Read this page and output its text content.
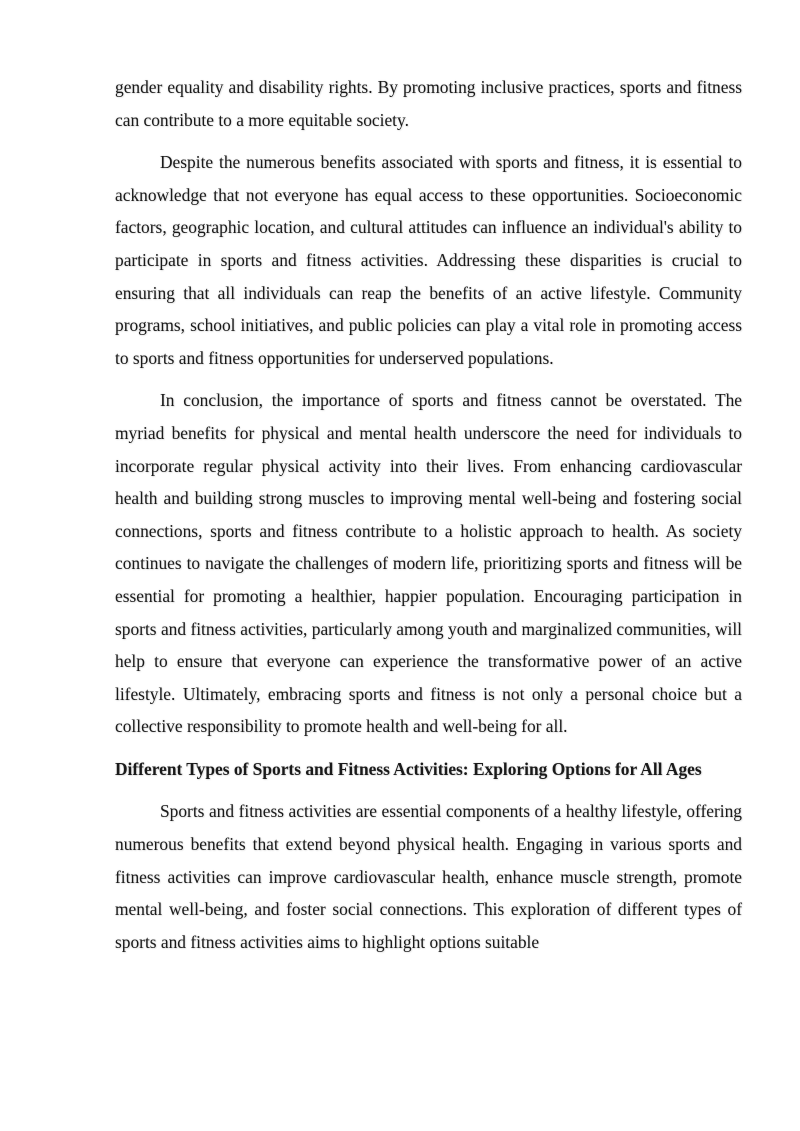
gender equality and disability rights. By promoting inclusive practices, sports and fitness can contribute to a more equitable society.

Despite the numerous benefits associated with sports and fitness, it is essential to acknowledge that not everyone has equal access to these opportunities. Socioeconomic factors, geographic location, and cultural attitudes can influence an individual's ability to participate in sports and fitness activities. Addressing these disparities is crucial to ensuring that all individuals can reap the benefits of an active lifestyle. Community programs, school initiatives, and public policies can play a vital role in promoting access to sports and fitness opportunities for underserved populations.

In conclusion, the importance of sports and fitness cannot be overstated. The myriad benefits for physical and mental health underscore the need for individuals to incorporate regular physical activity into their lives. From enhancing cardiovascular health and building strong muscles to improving mental well-being and fostering social connections, sports and fitness contribute to a holistic approach to health. As society continues to navigate the challenges of modern life, prioritizing sports and fitness will be essential for promoting a healthier, happier population. Encouraging participation in sports and fitness activities, particularly among youth and marginalized communities, will help to ensure that everyone can experience the transformative power of an active lifestyle. Ultimately, embracing sports and fitness is not only a personal choice but a collective responsibility to promote health and well-being for all.

Different Types of Sports and Fitness Activities: Exploring Options for All Ages

Sports and fitness activities are essential components of a healthy lifestyle, offering numerous benefits that extend beyond physical health. Engaging in various sports and fitness activities can improve cardiovascular health, enhance muscle strength, promote mental well-being, and foster social connections. This exploration of different types of sports and fitness activities aims to highlight options suitable
